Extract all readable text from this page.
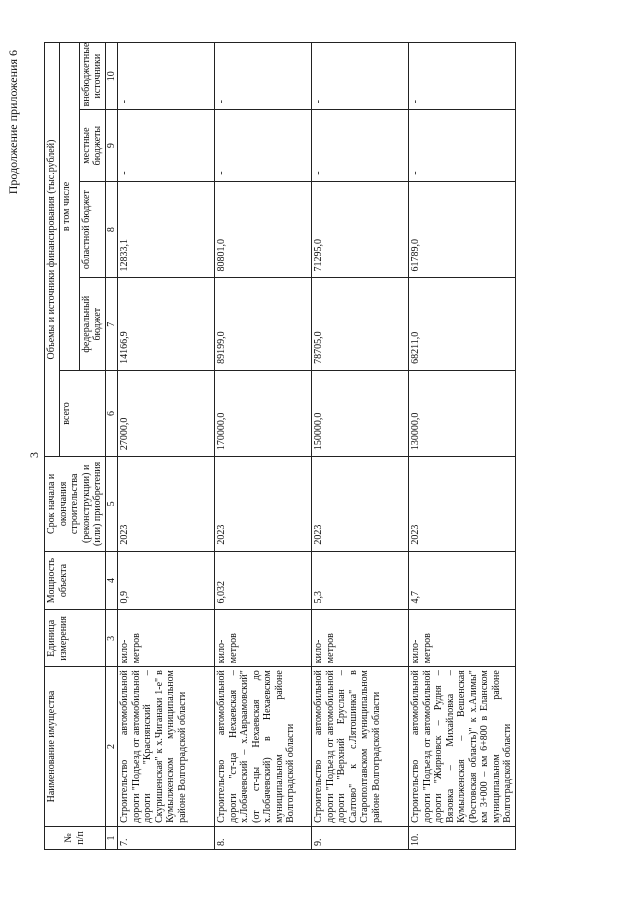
3
Продолжение приложения 6
№
п/п	Наименование имущества	Единица измерения	Мощность объекта	Срок начала и окончания строительства (реконструкции) и (или) приобретения	Объемы и источники финансирования (тыс.рублей)				
					всего	в том числе			
						федеральный бюджет	областной бюджет	местные бюджеты	внебюджетные источники
1	2	3	4	5	6	7	8	9	10
7.	Строительство автомобильной дороги "Подъезд от автомобильной дороги "Краснянский – Скуришенская" к х.Чиганаки 1-е" в Кумылженском муниципальном районе Волгоградской области	кило-метров	0,9	2023	27000,0	14166,9	12833,1	-	-
8.	Строительство автомобильной дороги "ст-ца Нехаевская – х.Лобачевский – х.Авраамовский" (от ст-цы Нехаевская до х.Лобачевский) в Нехаевском муниципальном районе Волгоградской области	кило-метров	6,032	2023	170000,0	89199,0	80801,0	-	-
9.	Строительство автомобильной дороги "Подъезд от автомобильной дороги "Верхний Еруслан – Салтово" к с.Лятошинка" в Старополтавском муниципальном районе Волгоградской области	кило-метров	5,3	2023	150000,0	78705,0	71295,0	-	-
10.	Строительство автомобильной дороги "Подъезд от автомобильной дороги "Жирновск – Рудня – Вязовка – Михайловка – Кумылженская – Вешенская (Ростовская область)" к х.Алимы" км 3+000 – км 6+800 в Еланском муниципальном районе Волгоградской области	кило-метров	4,7	2023	130000,0	68211,0	61789,0	-	-
